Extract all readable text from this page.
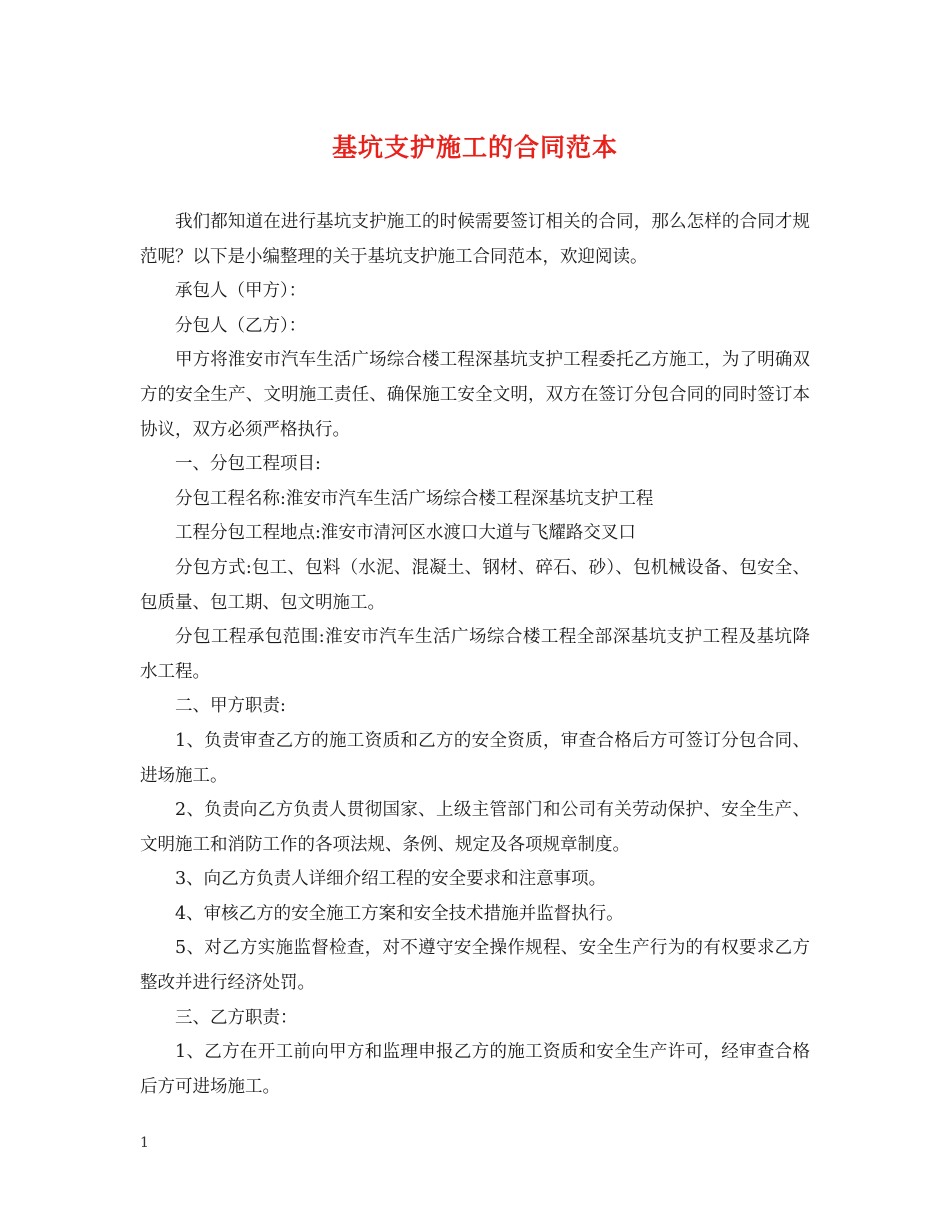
基坑支护施工的合同范本

我们都知道在进行基坑支护施工的时候需要签订相关的合同，那么怎样的合同才规范呢？以下是小编整理的关于基坑支护施工合同范本，欢迎阅读。

承包人（甲方）：

分包人（乙方）：

甲方将淮安市汽车生活广场综合楼工程深基坑支护工程委托乙方施工，为了明确双方的安全生产、文明施工责任、确保施工安全文明，双方在签订分包合同的同时签订本协议，双方必须严格执行。

一、分包工程项目:

分包工程名称:淮安市汽车生活广场综合楼工程深基坑支护工程

工程分包工程地点:淮安市清河区水渡口大道与飞耀路交叉口

分包方式:包工、包料（水泥、混凝土、钢材、碎石、砂）、包机械设备、包安全、包质量、包工期、包文明施工。

分包工程承包范围:淮安市汽车生活广场综合楼工程全部深基坑支护工程及基坑降水工程。

二、甲方职责:

1、负责审查乙方的施工资质和乙方的安全资质，审查合格后方可签订分包合同、进场施工。

2、负责向乙方负责人贯彻国家、上级主管部门和公司有关劳动保护、安全生产、文明施工和消防工作的各项法规、条例、规定及各项规章制度。

3、向乙方负责人详细介绍工程的安全要求和注意事项。

4、审核乙方的安全施工方案和安全技术措施并监督执行。

5、对乙方实施监督检查，对不遵守安全操作规程、安全生产行为的有权要求乙方整改并进行经济处罚。

三、乙方职责：

1、乙方在开工前向甲方和监理申报乙方的施工资质和安全生产许可，经审查合格后方可进场施工。

1
